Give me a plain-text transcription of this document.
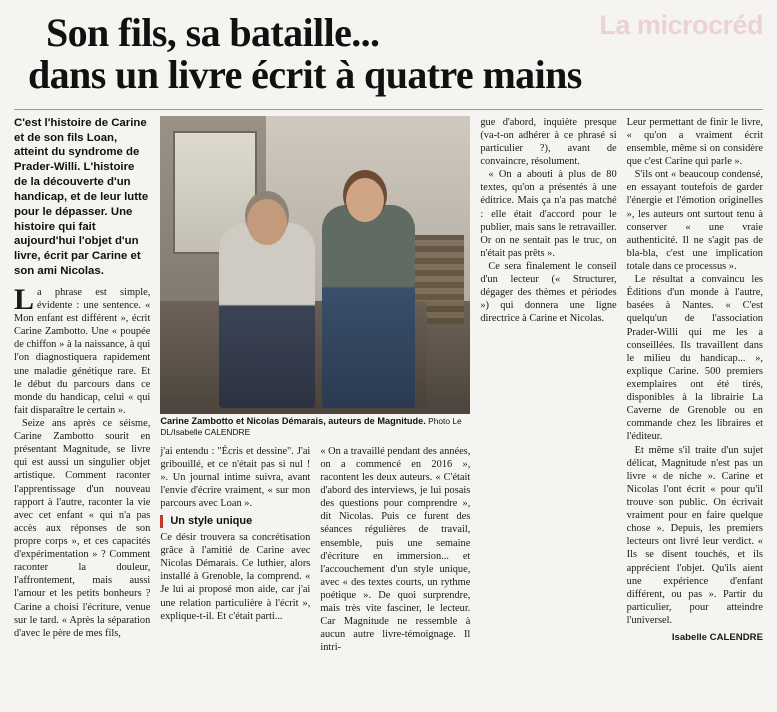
La microcréd
Son fils, sa bataille...
dans un livre écrit à quatre mains
C'est l'histoire de Carine et de son fils Loan, atteint du syndrome de Prader-Willi. L'histoire de la découverte d'un handicap, et de leur lutte pour le dépasser. Une histoire qui fait aujourd'hui l'objet d'un livre, écrit par Carine et son ami Nicolas.

La phrase est simple, évidente : une sentence. « Mon enfant est différent », écrit Carine Zambotto. Une « poupée de chiffon » à la naissance, à qui l'on diagnostiquera rapidement une maladie génétique rare. Et le début du parcours dans ce monde du handicap, celui « qui fait disparaître le certain ».

Seize ans après ce séisme, Carine Zambotto sourit en présentant Magnitude, se livre qui est aussi un singulier objet artistique. Comment raconter l'apprentissage d'un nouveau rapport à l'autre, raconter la vie avec cet enfant « qui n'a pas accès aux réponses de son propre corps », et ces capacités d'expérimentation » ? Comment raconter la douleur, l'affrontement, mais aussi l'amour et les petits bonheurs ? Carine a choisi l'écriture, venue sur le tard. « Après la séparation d'avec le père de mes fils,

Carine Zambotto et Nicolas Démarais, auteurs de Magnitude. Photo Le DL/Isabelle CALENDRE

j'ai entendu : "Écris et dessine". J'ai gribouillé, et ce n'était pas si nul ! ». Un journal intime suivra, avant l'envie d'écrire vraiment, « sur mon parcours avec Loan ».

Un style unique

Ce désir trouvera sa concrétisation grâce à l'amitié de Carine avec Nicolas Démarais. Ce luthier, alors installé à Grenoble, la comprend. « Je lui ai proposé mon aide, car j'ai une relation particulière à l'écrit », explique-t-il. Et c'était parti...

« On a travaillé pendant des années, on a commencé en 2016 », racontent les deux auteurs. « C'était d'abord des interviews, je lui posais des questions pour comprendre », dit Nicolas. Puis ce furent des séances régulières de travail, ensemble, puis une semaine d'écriture en immersion... et l'accouchement d'un style unique, avec « des textes courts, un rythme poétique ». De quoi surprendre, mais très vite fasciner, le lecteur. Car Magnitude ne ressemble à aucun autre livre-témoignage. Il intri-

gue d'abord, inquiète presque (va-t-on adhérer à ce phrasé si particulier ?), avant de convaincre, résolument.

« On a abouti à plus de 80 textes, qu'on a présentés à une éditrice. Mais ça n'a pas matché : elle était d'accord pour le publier, mais sans le retravailler. Or on ne sentait pas le truc, on n'était pas prêts ».

Ce sera finalement le conseil d'un lecteur (« Structurer, dégager des thèmes et périodes ») qui donnera une ligne directrice à Carine et Nicolas.

Leur permettant de finir le livre, « qu'on a vraiment écrit ensemble, même si on considère que c'est Carine qui parle ».

S'ils ont « beaucoup condensé, en essayant toutefois de garder l'énergie et l'émotion originelles », les auteurs ont surtout tenu à conserver « une vraie authenticité. Il ne s'agit pas de bla-bla, c'est une implication totale dans ce processus ».

Le résultat a convaincu les Éditions d'un monde à l'autre, basées à Nantes. « C'est quelqu'un de l'association Prader-Willi qui me les a conseillées. Ils travaillent dans le milieu du handicap... », explique Carine. 500 premiers exemplaires ont été tirés, disponibles à la librairie La Caverne de Grenoble ou en commande chez les libraires et l'éditeur.

Et même s'il traite d'un sujet délicat, Magnitude n'est pas un livre « de niche ». Carine et Nicolas l'ont écrit « pour qu'il trouve son public. On écrivait vraiment pour en faire quelque chose ». Depuis, les premiers lecteurs ont livré leur verdict. « Ils se disent touchés, et ils apprécient l'objet. Qu'ils aient une expérience d'enfant différent, ou pas ». Partir du particulier, pour atteindre l'universel.

Isabelle CALENDRE
